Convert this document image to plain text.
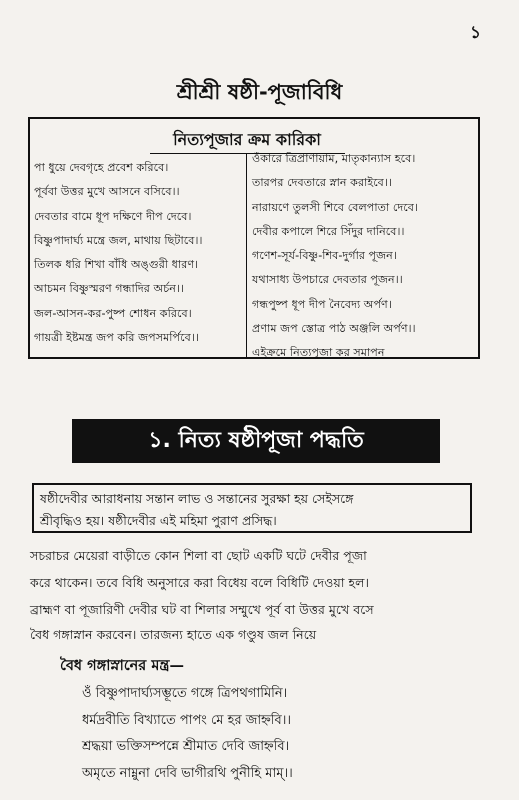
১
শ্রীশ্রী ষষ্ঠী-পূজাবিধি
নিত্যপূজার ক্রম কারিকা
পা ধুয়ে দেবগৃহে প্রবেশ করিবে।
পূর্ববা উত্তর মুখে আসনে বসিবে।।
দেবতার বামে ধূপ দক্ষিণে দীপ দেবে।
বিষ্ণুপাদার্ঘ্য মন্ত্রে জল, মাথায় ছিটাবে।।
তিলক ধরি শিখা বাঁধি অঙ্গুরী ধারণ।
আচমন বিষ্ণুস্মরণ গন্ধাদির অর্চন।।
জল-আসন-কর-পুষ্প শোধন করিবে।
গায়ত্রী ইষ্টমন্ত্র জপ করি জপসমর্পিবে।।
ওঁকারে ত্রিপ্রাণায়াম, মাতৃকান্যাস হবে।
তারপর দেবতারে স্নান করাইবে।।
নারায়ণে তুলসী শিবে বেলপাতা দেবে।
দেবীর কপালে শিরে সিঁদুর দানিবে।।
গণেশ-সূর্য-বিষ্ণু-শিব-দুর্গার পূজন।
যথাসাধ্য উপচারে দেবতার পূজন।।
গন্ধপুষ্প ধূপ দীপ নৈবেদ্য অর্পণ।
প্রণাম জপ স্তোত্র পাঠ অঞ্জলি অর্পণ।।
এইক্রমে নিত্যপূজা কর সমাপন
১. নিত্য ষষ্ঠীপূজা পদ্ধতি

ষষ্ঠীদেবীর আরাধনায় সন্তান লাভ ও সন্তানের সুরক্ষা হয় সেইসঙ্গে

শ্রীবৃদ্ধিও হয়। ষষ্ঠীদেবীর এই মহিমা পুরাণ প্রসিদ্ধ।

সচরাচর মেয়েরা বাড়ীতে কোন শিলা বা ছোট একটি ঘটে দেবীর পূজা

করে থাকেন। তবে বিধি অনুসারে করা বিধেয় বলে বিধিটি দেওয়া হল।

ব্রাহ্মণ বা পূজারিণী দেবীর ঘট বা শিলার সম্মুখে পূর্ব বা উত্তর মুখে বসে

বৈধ গঙ্গাস্নান করবেন। তারজন্য হাতে এক গণ্ডুষ জল নিয়ে

বৈধ গঙ্গাস্নানের মন্ত্র—

ওঁ বিষ্ণুপাদার্ঘ্যসম্ভূতে গঙ্গে ত্রিপথগামিনি।
ধর্মদ্রবীতি বিখ্যাতে পাপং মে হর জাহ্নবি।।
শ্রদ্ধয়া ভক্তিসম্পন্নে শ্রীমাত দেবি জাহ্নবি।
অমৃতে নাম্নুনা দেবি ভাগীরথি পুনীহি মাম্।।
